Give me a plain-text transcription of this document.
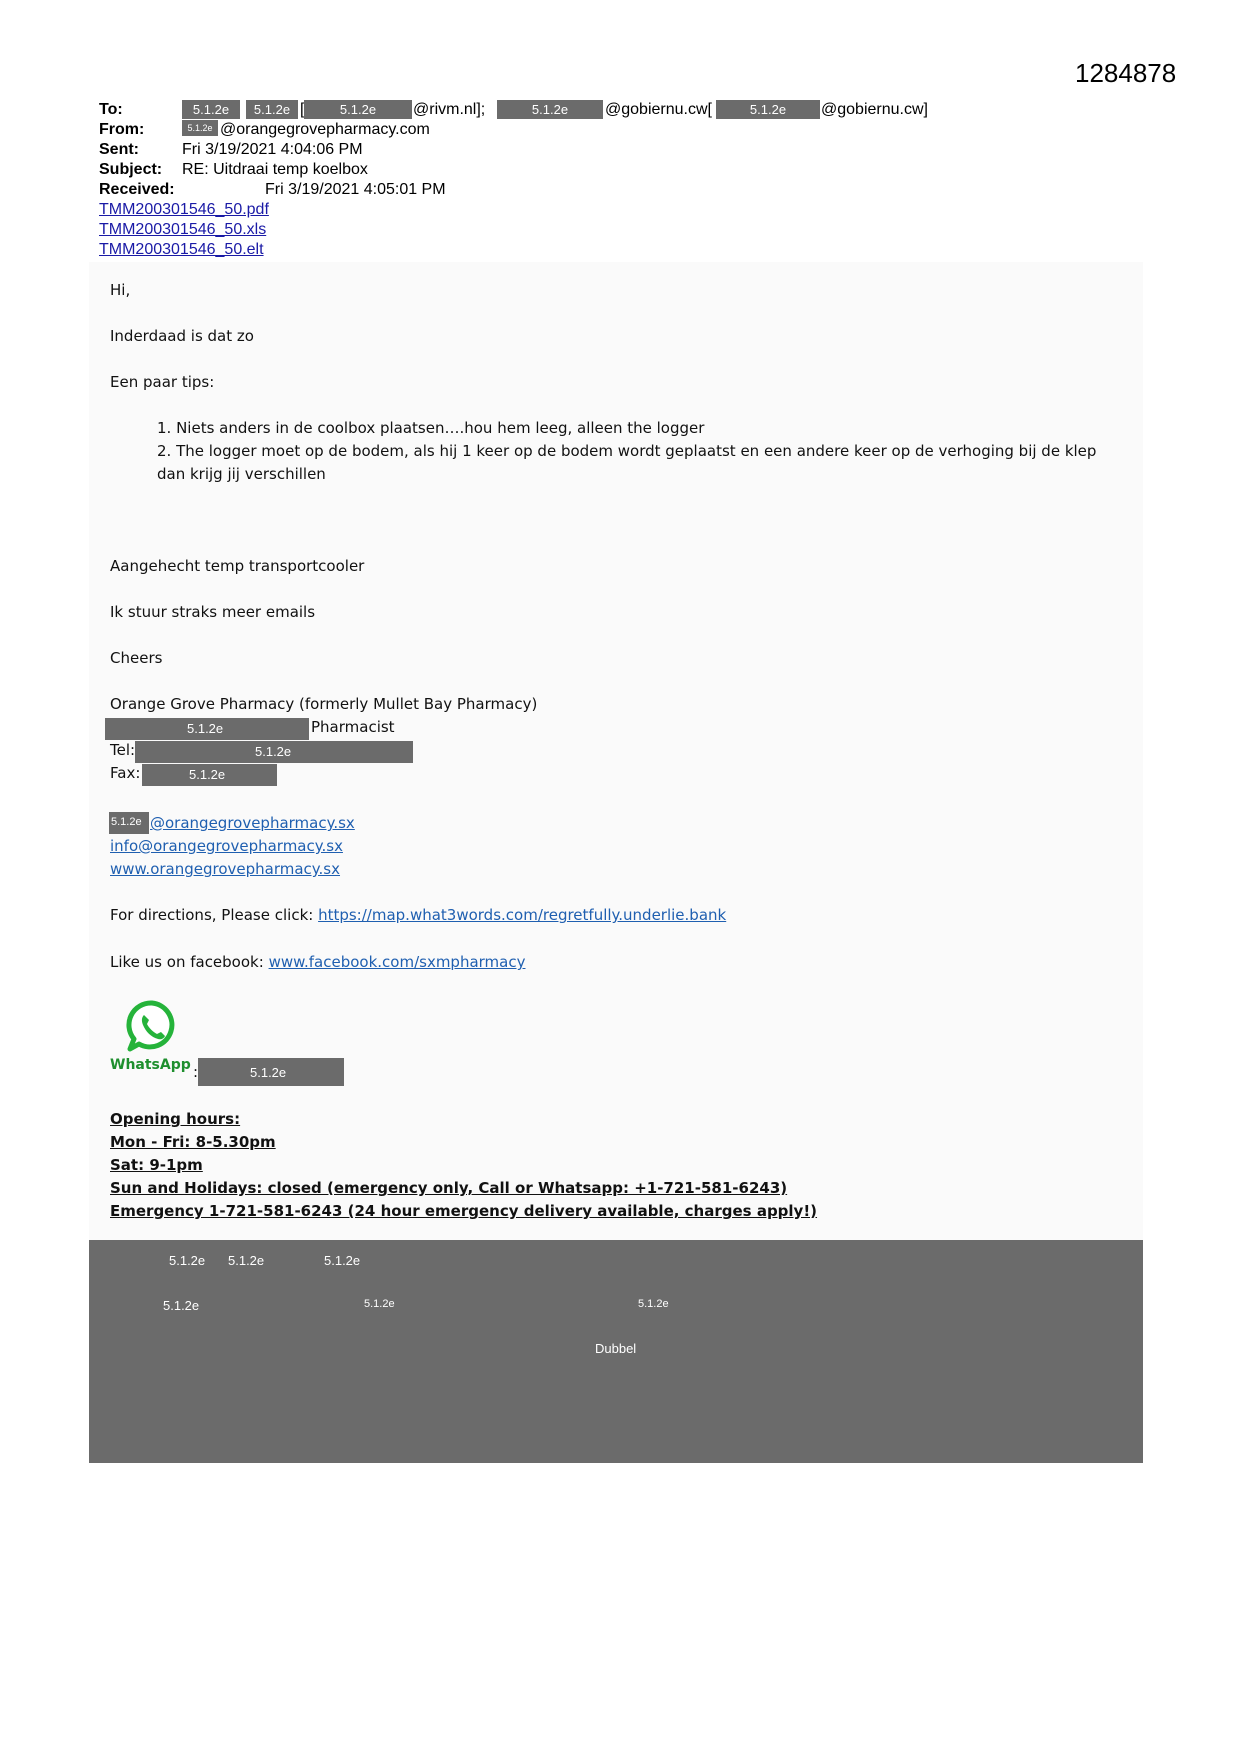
1284878
To:	5.1.2e	5.1.2e [	5.1.2e	@rivm.nl];	5.1.2e	@gobiernu.cw[	5.1.2e	@gobiernu.cw]
From:	5.1.2e @orangegrovepharmacy.com
Sent:	Fri 3/19/2021 4:04:06 PM
Subject: RE: Uitdraai temp koelbox
Received:	Fri 3/19/2021 4:05:01 PM
TMM200301546_50.pdf
TMM200301546_50.xls
TMM200301546_50.elt
Hi,
Inderdaad is dat zo
Een paar tips:
1. Niets anders in de coolbox plaatsen….hou hem leeg, alleen the logger
2. The logger moet op de bodem, als hij 1 keer op de bodem wordt geplaatst en een andere keer op de verhoging bij de klep
dan krijg jij verschillen
Aangehecht temp transportcooler
Ik stuur straks meer emails
Cheers
Orange Grove Pharmacy (formerly Mullet Bay Pharmacy)
5.1.2e	Pharmacist
Tel:	5.1.2e
Fax:	5.1.2e
5.1.2e @orangegrovepharmacy.sx
info@orangegrovepharmacy.sx
www.orangegrovepharmacy.sx
For directions, Please click: https://map.what3words.com/regretfully.underlie.bank
Like us on facebook: www.facebook.com/sxmpharmacy
WhatsApp :	5.1.2e
Opening hours:
Mon - Fri: 8-5.30pm
Sat: 9-1pm
Sun and Holidays: closed (emergency only, Call or Whatsapp: +1-721-581-6243)
Emergency 1-721-581-6243 (24 hour emergency delivery available, charges apply!)
5.1.2e 5.1.2e	5.1.2e
5.1.2e	5.1.2e	5.1.2e
Dubbel
